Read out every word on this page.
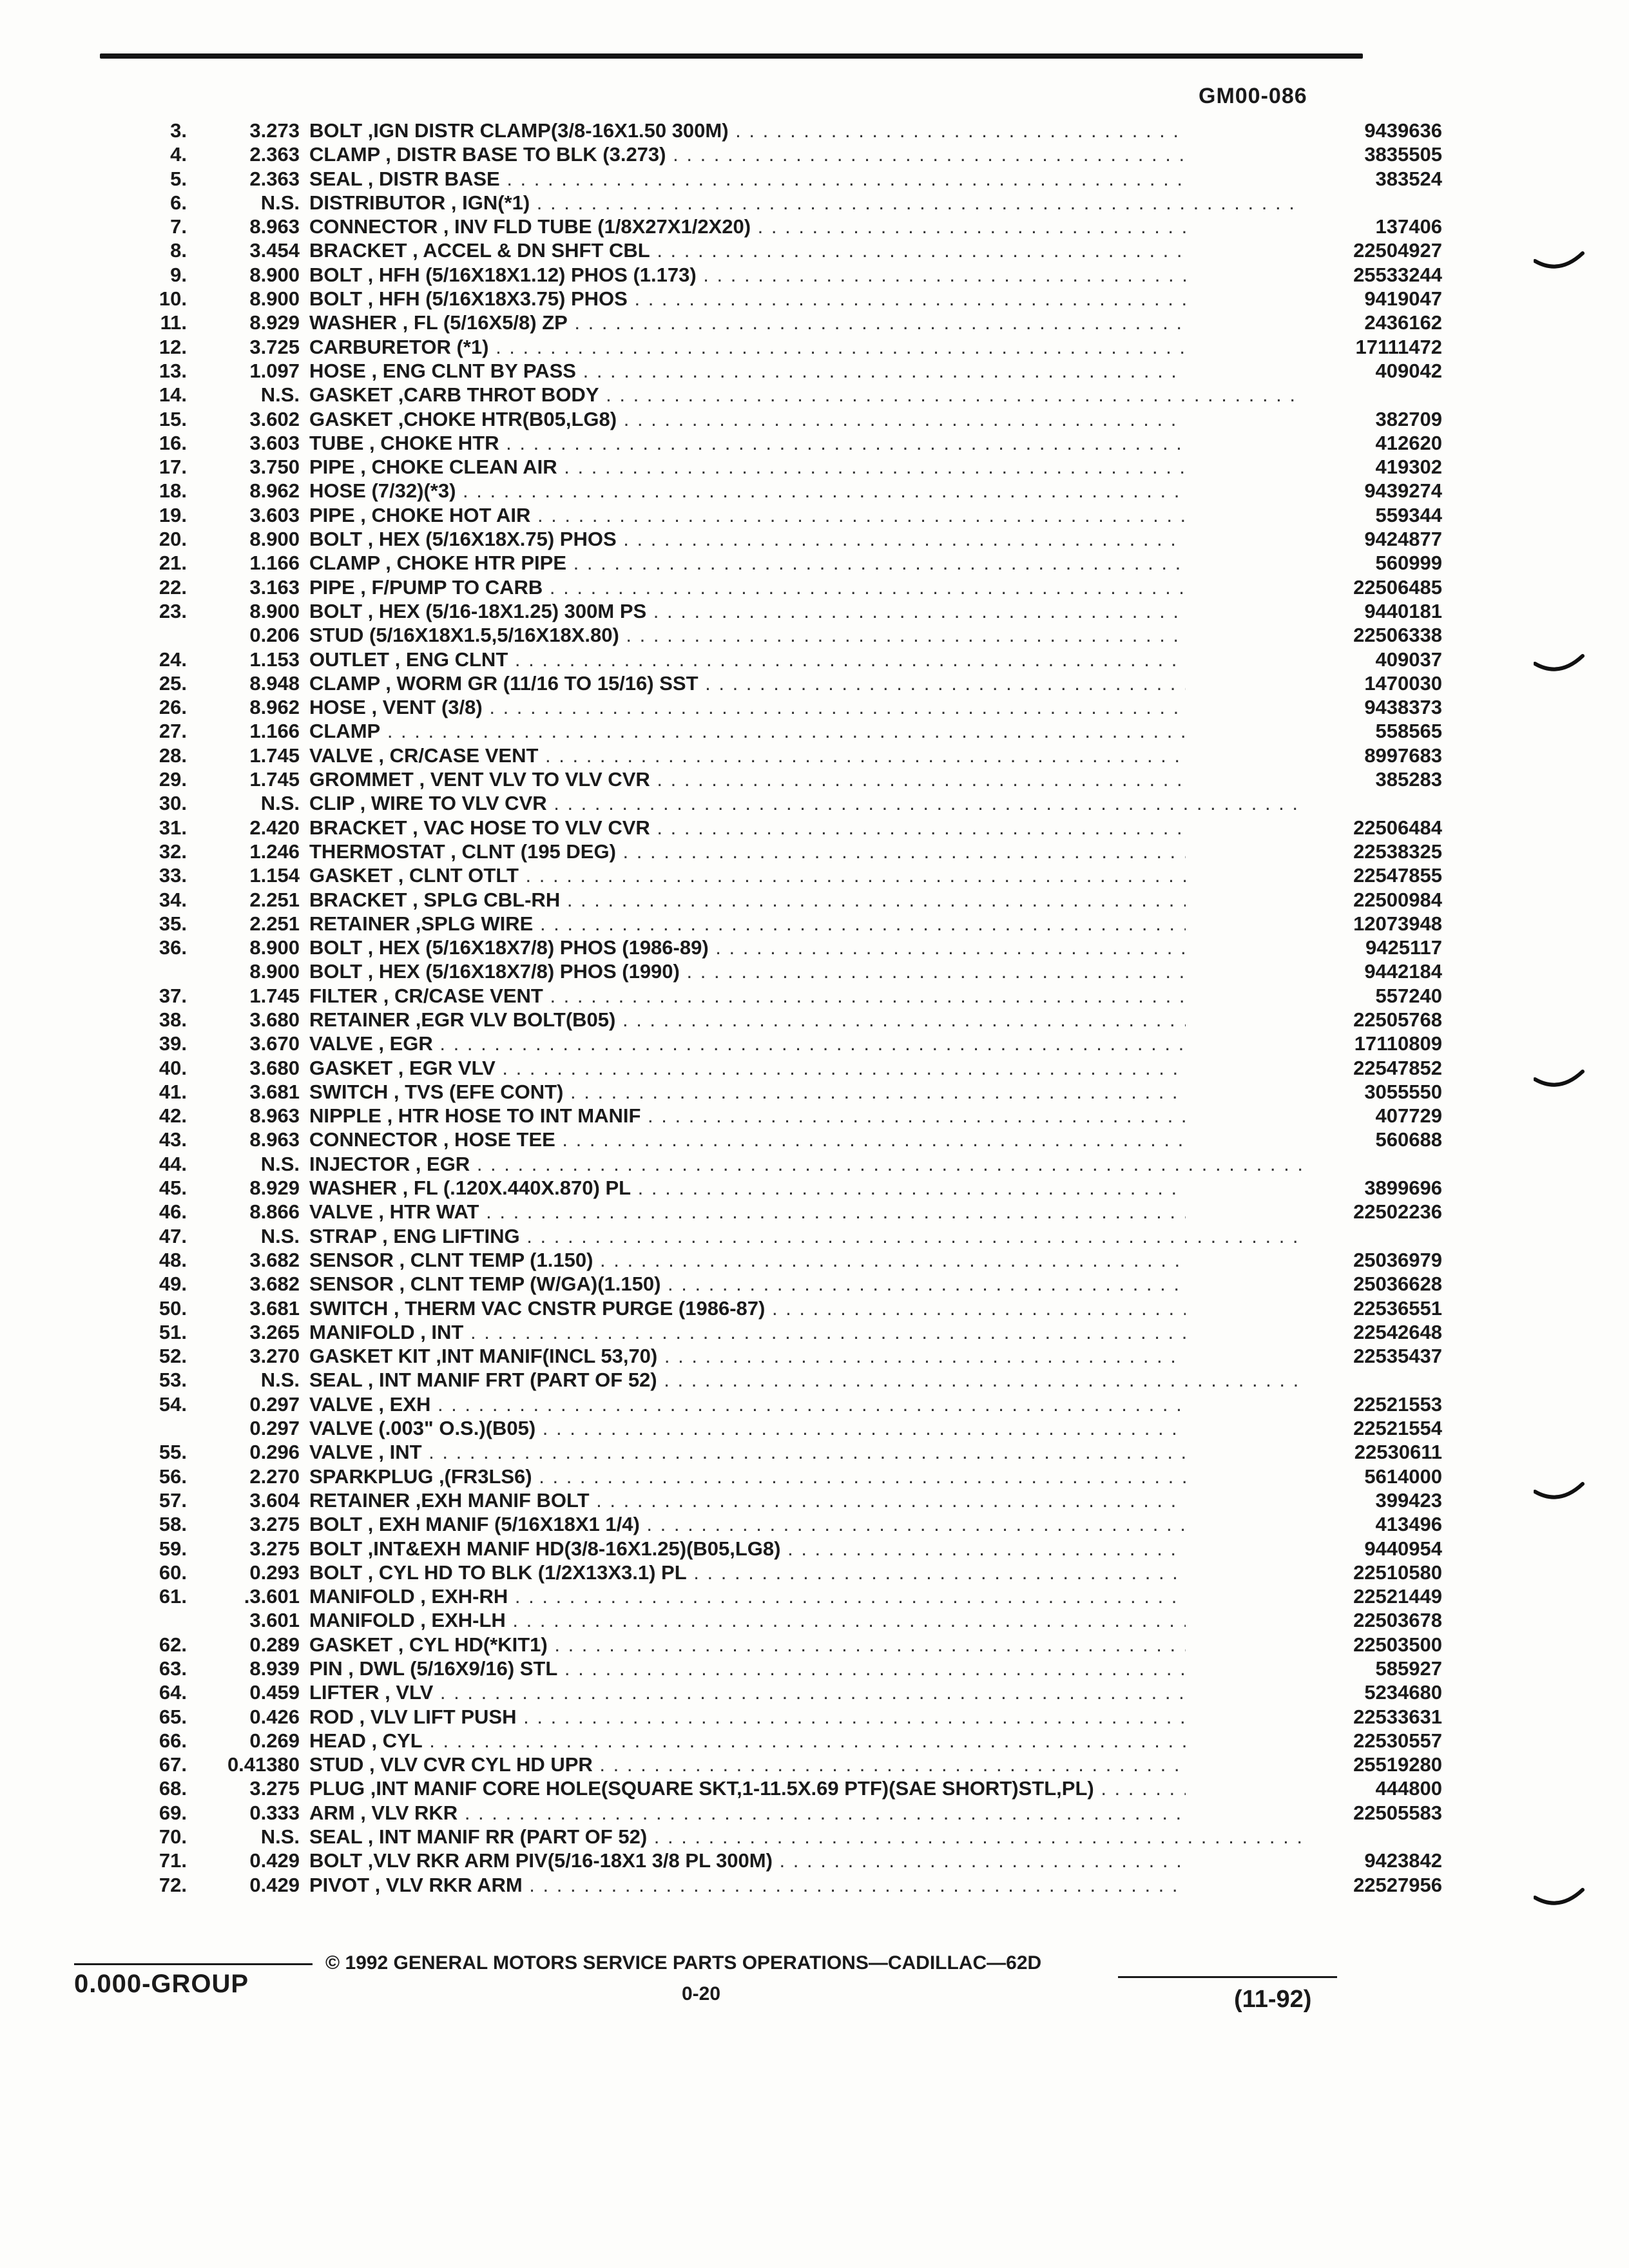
GM00-086
3.	3.273 BOLT ,IGN DISTR CLAMP(3/8-16X1.50 300M) . . .	9439636
4.	2.363 CLAMP , DISTR BASE TO BLK (3.273) . . .	3835505
5.	2.363 SEAL , DISTR BASE . . .	383524
6.	N.S. DISTRIBUTOR , IGN(*1) . . .
7.	8.963 CONNECTOR , INV FLD TUBE (1/8X27X1/2X20) . . .	137406
8.	3.454 BRACKET , ACCEL & DN SHFT CBL . . .	22504927
9.	8.900 BOLT , HFH (5/16X18X1.12) PHOS (1.173) . . .	25533244
10.	8.900 BOLT , HFH (5/16X18X3.75) PHOS . . .	9419047
11.	8.929 WASHER , FL (5/16X5/8) ZP . . .	2436162
12.	3.725 CARBURETOR (*1) . . .	17111472
13.	1.097 HOSE , ENG CLNT BY PASS . . .	409042
14.	N.S. GASKET ,CARB THROT BODY . . .
15.	3.602 GASKET ,CHOKE HTR(B05,LG8) . . .	382709
16.	3.603 TUBE , CHOKE HTR . . .	412620
17.	3.750 PIPE , CHOKE CLEAN AIR . . .	419302
18.	8.962 HOSE (7/32)(*3) . . .	9439274
19.	3.603 PIPE , CHOKE HOT AIR . . .	559344
20.	8.900 BOLT , HEX (5/16X18X.75) PHOS . . .	9424877
21.	1.166 CLAMP , CHOKE HTR PIPE . . .	560999
22.	3.163 PIPE , F/PUMP TO CARB . . .	22506485
23.	8.900 BOLT , HEX (5/16-18X1.25) 300M PS . . .	9440181
0.206 STUD (5/16X18X1.5,5/16X18X.80) . . .	22506338
24.	1.153 OUTLET , ENG CLNT . . .	409037
25.	8.948 CLAMP , WORM GR (11/16 TO 15/16) SST . . .	1470030
26.	8.962 HOSE , VENT (3/8) . . .	9438373
27.	1.166 CLAMP . . .	558565
28.	1.745 VALVE , CR/CASE VENT . . .	8997683
29.	1.745 GROMMET , VENT VLV TO VLV CVR . . .	385283
30.	N.S. CLIP , WIRE TO VLV CVR . . .
31.	2.420 BRACKET , VAC HOSE TO VLV CVR . . .	22506484
32.	1.246 THERMOSTAT , CLNT (195 DEG) . . .	22538325
33.	1.154 GASKET , CLNT OTLT . . .	22547855
34.	2.251 BRACKET , SPLG CBL-RH . . .	22500984
35.	2.251 RETAINER ,SPLG WIRE . . .	12073948
36.	8.900 BOLT , HEX (5/16X18X7/8) PHOS (1986-89) . . .	9425117
8.900 BOLT , HEX (5/16X18X7/8) PHOS (1990) . . .	9442184
37.	1.745 FILTER , CR/CASE VENT . . .	557240
38.	3.680 RETAINER ,EGR VLV BOLT(B05) . . .	22505768
39.	3.670 VALVE , EGR . . .	17110809
40.	3.680 GASKET , EGR VLV . . .	22547852
41.	3.681 SWITCH , TVS (EFE CONT) . . .	3055550
42.	8.963 NIPPLE , HTR HOSE TO INT MANIF . . .	407729
43.	8.963 CONNECTOR , HOSE TEE . . .	560688
44.	N.S. INJECTOR , EGR . . .
45.	8.929 WASHER , FL (.120X.440X.870) PL . . .	3899696
46.	8.866 VALVE , HTR WAT . . .	22502236
47.	N.S. STRAP , ENG LIFTING . . .
48.	3.682 SENSOR , CLNT TEMP (1.150) . . .	25036979
49.	3.682 SENSOR , CLNT TEMP (W/GA)(1.150) . . .	25036628
50.	3.681 SWITCH , THERM VAC CNSTR PURGE (1986-87) . . .	22536551
51.	3.265 MANIFOLD , INT . . .	22542648
52.	3.270 GASKET KIT ,INT MANIF(INCL 53,70) . . .	22535437
53.	N.S. SEAL , INT MANIF FRT (PART OF 52) . . .
54.	0.297 VALVE , EXH . . .	22521553
0.297 VALVE (.003" O.S.)(B05) . . .	22521554
55.	0.296 VALVE , INT . . .	22530611
56.	2.270 SPARKPLUG ,(FR3LS6) . . .	5614000
57.	3.604 RETAINER ,EXH MANIF BOLT . . .	399423
58.	3.275 BOLT , EXH MANIF (5/16X18X1 1/4) . . .	413496
59.	3.275 BOLT ,INT&EXH MANIF HD(3/8-16X1.25)(B05,LG8) . . .	9440954
60.	0.293 BOLT , CYL HD TO BLK (1/2X13X3.1) PL . . .	22510580
61.	.3.601 MANIFOLD , EXH-RH . . .	22521449
3.601 MANIFOLD , EXH-LH . . .	22503678
62.	0.289 GASKET , CYL HD(*KIT1) . . .	22503500
63.	8.939 PIN , DWL (5/16X9/16) STL . . .	585927
64.	0.459 LIFTER , VLV . . .	5234680
65.	0.426 ROD , VLV LIFT PUSH . . .	22533631
66.	0.269 HEAD , CYL . . .	22530557
67.	0.41380 STUD , VLV CVR CYL HD UPR . . .	25519280
68.	3.275 PLUG ,INT MANIF CORE HOLE(SQUARE SKT,1-11.5X.69 PTF)(SAE SHORT)STL,PL) . . .	444800
69.	0.333 ARM , VLV RKR . . .	22505583
70.	N.S. SEAL , INT MANIF RR (PART OF 52) . . .
71.	0.429 BOLT ,VLV RKR ARM PIV(5/16-18X1 3/8 PL 300M) . . .	9423842
72.	0.429 PIVOT , VLV RKR ARM . . .	22527956
© 1992 GENERAL MOTORS SERVICE PARTS OPERATIONS—CADILLAC—62D
0.000-GROUP	0-20	(11-92)
